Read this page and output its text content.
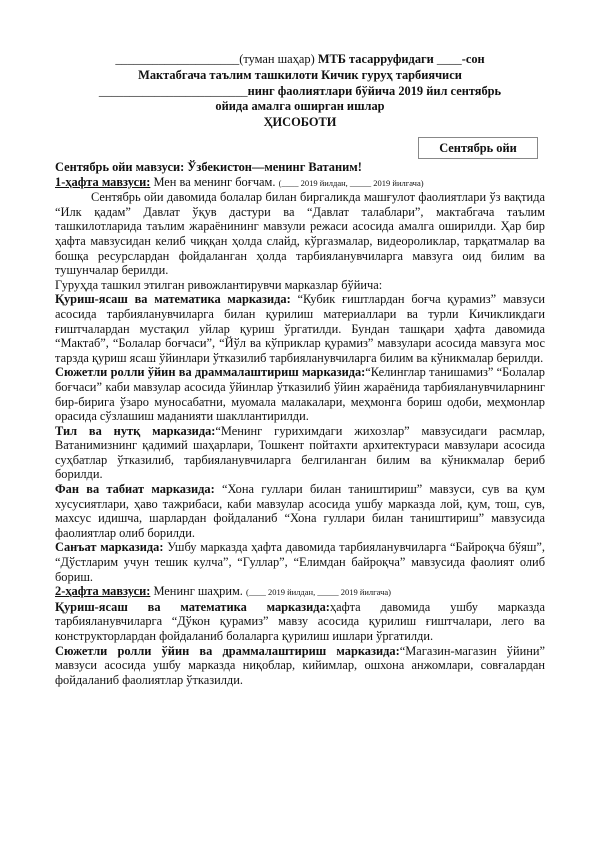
____________________(туман шаҳар) МТБ тасарруфидаги ____-сон
Мактабгача таълим ташкилоти Кичик гуруҳ тарбиячиси
________________________нинг фаолиятлари бўйича 2019 йил сентябрь
ойида амалга оширган ишлар
ҲИСОБОТИ
Сентябрь ойи

Сентябрь ойи мавзуси: Ўзбекистон—менинг Ватаним!

1-ҳафта мавзуси: Мен ва менинг боғчам. (____ 2019 йилдан, _____ 2019 йилгача)

Сентябрь ойи давомида болалар билан биргаликда машғулот фаолиятлари ўз вақтида “Илк қадам” Давлат ўқув дастури ва “Давлат талаблари”, мактабгача таълим ташкилотларида таълим жараёнининг мавзули режаси асосида амалга оширилди. Ҳар бир ҳафта мавзусидан келиб чиққан ҳолда слайд, кўргазмалар, видеороликлар, тарқатмалар ва бошқа ресурслардан фойдаланган ҳолда тарбияланувчиларга мавзуга оид билим ва тушунчалар берилди.

Гуруҳда ташкил этилган ривожлантирувчи марказлар бўйича:

Қуриш-ясаш ва математика марказида: “Кубик ғиштлардан боғча қурамиз” мавзуси асосида тарбияланувчиларга билан қурилиш материаллари ва турли Кичикликдаги ғиштчалардан мустақил уйлар қуриш ўргатилди. Бундан ташқари ҳафта давомида “Мактаб”, “Болалар боғчаси”, “Йўл ва кўприклар қурамиз” мавзулари асосида мавзуга мос тарзда қуриш ясаш ўйинлари ўтказилиб тарбияланувчиларга билим ва кўникмалар берилди.

Сюжетли ролли ўйин ва драммалаштириш марказида:“Келинглар танишамиз” “Болалар боғчаси” каби мавзулар асосида ўйинлар ўтказилиб ўйин жараёнида тарбияланувчиларнинг бир-бирига ўзаро муносабатни, муомала малакалари, меҳмонга бориш одоби, меҳмонлар орасида сўзлашиш маданияти шакллантирилди.

Тил ва нутқ марказида:“Менинг гурихимдаги жихозлар” мавзусидаги расмлар, Ватанимизнинг қадимий шаҳарлари, Тошкент пойтахти архитектураси мавзулари асосида суҳбатлар ўтказилиб, тарбияланувчиларга белгиланган билим ва кўникмалар бериб борилди.

Фан ва табиат марказида: “Хона гуллари билан таништириш” мавзуси, сув ва қум хусусиятлари, ҳаво тажрибаси, каби мавзулар асосида ушбу марказда лой, қум, тош, сув, махсус идишча, шарлардан фойдаланиб “Хона гуллари билан таништириш” мавзусида фаолиятлар олиб борилди.

Санъат марказида: Ушбу марказда ҳафта давомида тарбияланувчиларга “Байроқча бўяш”, “Дўстларим учун тешик кулча”, “Гуллар”, “Елимдан байроқча” мавзусида фаолият олиб бориш.

2-ҳафта мавзуси: Менинг шаҳрим. (____ 2019 йилдан, _____ 2019 йилгача)

Қуриш-ясаш ва математика марказида:ҳафта давомида ушбу марказда тарбияланувчиларга “Дўкон қурамиз” мавзу асосида қурилиш ғиштчалари, лего ва конструкторлардан фойдаланиб болаларга қурилиш ишлари ўргатилди.

Сюжетли ролли ўйин ва драммалаштириш марказида:“Магазин-магазин ўйини” мавзуси асосида ушбу марказда ниқоблар, кийимлар, ошхона анжомлари, совғалардан фойдаланиб фаолиятлар ўтказилди.
